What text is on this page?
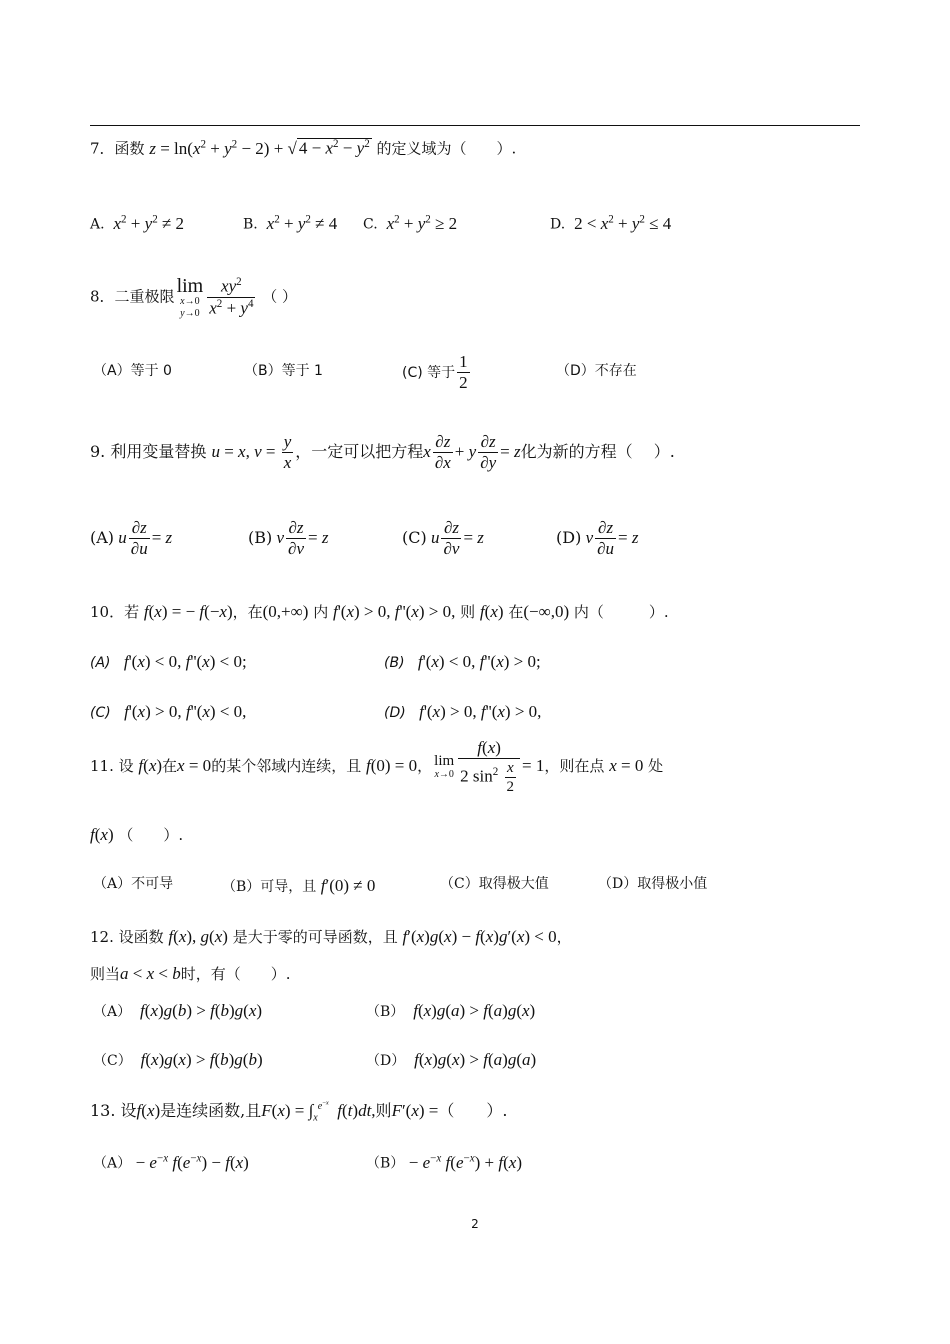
7．函数 $z = \ln(x^2 + y^2 - 2)$ + √ $4 - x^2 - y^2$ 的定义域为（　　）.
A. $x^2 + y^2 \ne 2$	B. $x^2 + y^2 \ne 4$ C. $x^2 + y^2 \ge 2$	D. $2 < x^2 + y^2 \le 4$
8．二重极限 lim
x→0
$y\to 0 \frac{xy^2}{x^2 + y^4}$ （ ）
（A）等于 0	（B）等于 1	(C) 等于 $\frac{1}{2}$	（D）不存在
9. 利用变量替换 u = x, $v = \frac{y}{x}$ ，一定可以把方程x $\frac{\partial z}{\partial x} + y \frac{\partial z}{\partial y} = z$化为新的方程（　 ）.
(A) u $\frac{\partial z}{\partial u} = z$	(B) v $\frac{\partial z}{\partial v} = z$	(C) u $\frac{\partial z}{\partial v} = z$	(D) v $\frac{\partial z}{\partial u} = z$
10．若 f(x) = − f(−x)，在(0,+∞) 内 f'(x) > 0, f''(x) > 0, 则 f(x) 在(−∞,0) 内（　　　）.
(A) f'(x) < 0, f''(x) < 0;	(B) f'(x) < 0, f''(x) > 0;
(C) f'(x) > 0, f''(x) < 0,	(D) f'(x) > 0, f''(x) > 0,
11. 设 f(x)在x = 0的某个邻域内连续，且 f(0) = 0， lim
$x\to 0 \frac{f(x)}{2 \sin^2 \frac{x}{2}} = 1$，则在点 x = 0 处
f(x) （　　）.
（A）不可导	（B）可导，且 f′(0) ≠ 0	（C）取得极大值	（D）取得极小值
12. 设函数 f(x), g(x) 是大于零的可导函数，且 f′(x)g(x) − f(x)g′(x) < 0，
则当a < x < b时，有（　　）.
（A） f(x)g(b) > f(b)g(x)	（B） f(x)g(a) > f(a)g(x)
（C） f(x)g(x) > f(b)g(b)	（D） f(x)g(x) > f(a)g(a)
13. 设f(x)是连续函数,且$F(x) = \int_x^{e^{-x}}$ f(t)dt,则F′(x) =（　　）.
$(A) - e^{-x}$ $f(e^{-x}) - f(x)$	$(B) - e^{-x}$ $f(e^{-x}) + f(x)$
2
